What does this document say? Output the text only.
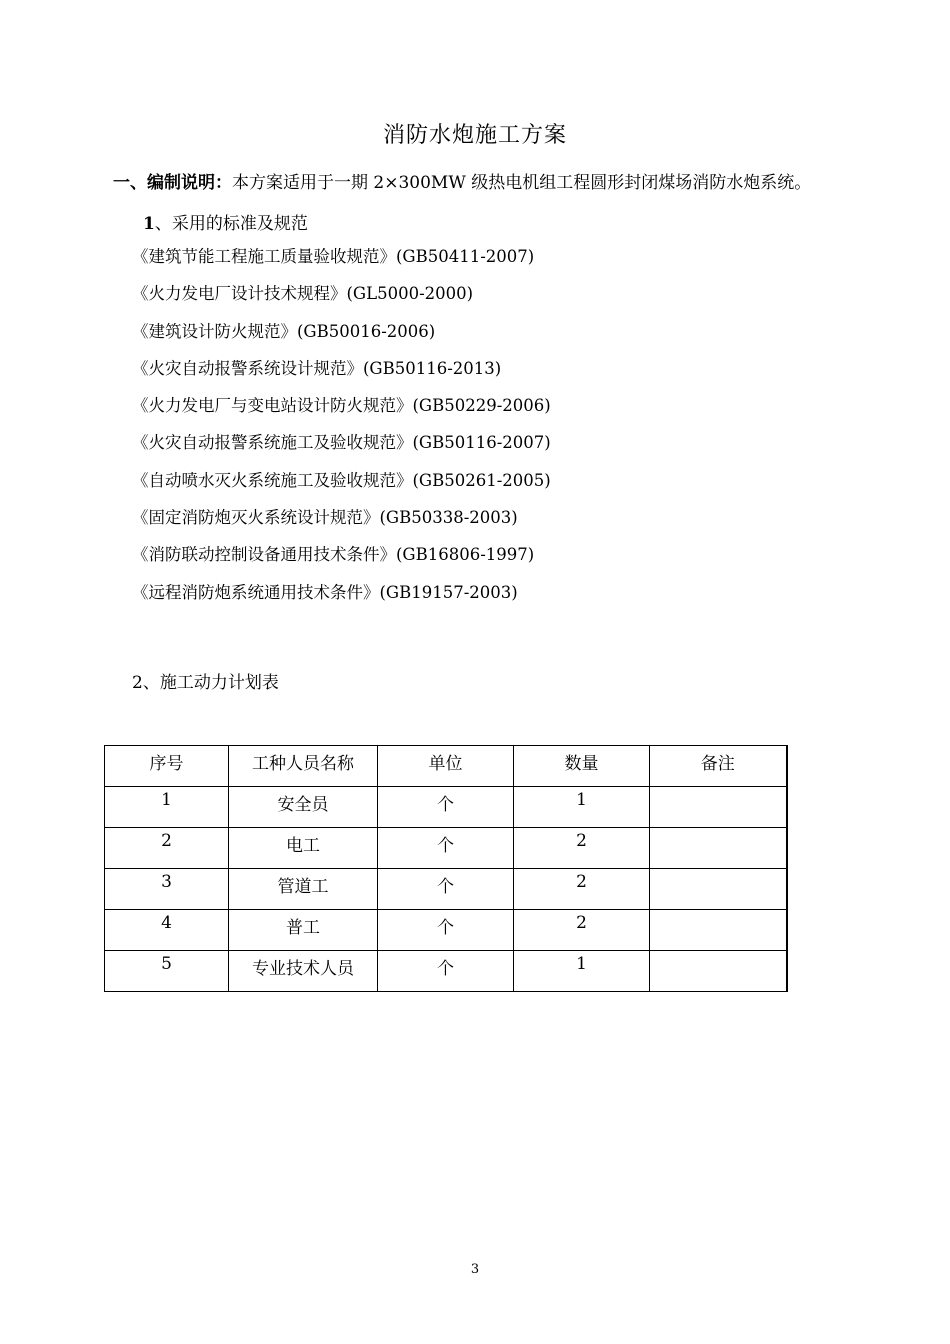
消防水炮施工方案
一、编制说明：本方案适用于一期 2×300MW 级热电机组工程圆形封闭煤场消防水炮系统。
1、采用的标准及规范
《建筑节能工程施工质量验收规范》(GB50411-2007)
《火力发电厂设计技术规程》(GL5000-2000)
《建筑设计防火规范》(GB50016-2006)
《火灾自动报警系统设计规范》(GB50116-2013)
《火力发电厂与变电站设计防火规范》(GB50229-2006)
《火灾自动报警系统施工及验收规范》(GB50116-2007)
《自动喷水灭火系统施工及验收规范》(GB50261-2005)
《固定消防炮灭火系统设计规范》(GB50338-2003)
《消防联动控制设备通用技术条件》(GB16806-1997)
《远程消防炮系统通用技术条件》(GB19157-2003)
2、施工动力计划表
序号	工种人员名称	单位	数量	备注
1	安全员	个	1	
2	电工	个	2	
3	管道工	个	2	
4	普工	个	2	
5	专业技术人员	个	1	
3
